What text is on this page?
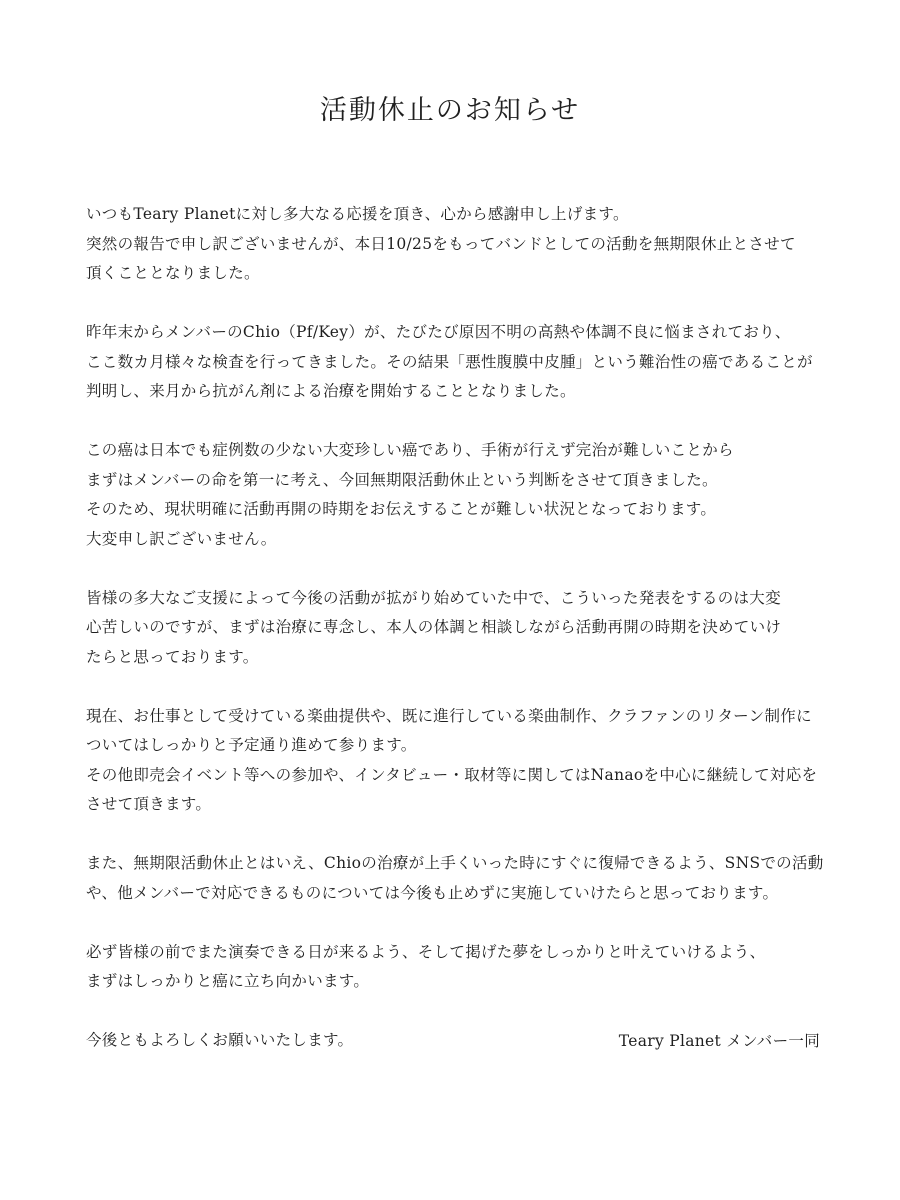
活動休止のお知らせ
いつもTeary Planetに対し多大なる応援を頂き、心から感謝申し上げます。
突然の報告で申し訳ございませんが、本日10/25をもってバンドとしての活動を無期限休止とさせて
頂くこととなりました。
昨年末からメンバーのChio（Pf/Key）が、たびたび原因不明の高熱や体調不良に悩まされており、
ここ数カ月様々な検査を行ってきました。その結果「悪性腹膜中皮腫」という難治性の癌であることが
判明し、来月から抗がん剤による治療を開始することとなりました。
この癌は日本でも症例数の少ない大変珍しい癌であり、手術が行えず完治が難しいことから
まずはメンバーの命を第一に考え、今回無期限活動休止という判断をさせて頂きました。
そのため、現状明確に活動再開の時期をお伝えすることが難しい状況となっております。
大変申し訳ございません。
皆様の多大なご支援によって今後の活動が拡がり始めていた中で、こういった発表をするのは大変
心苦しいのですが、まずは治療に専念し、本人の体調と相談しながら活動再開の時期を決めていけ
たらと思っております。
現在、お仕事として受けている楽曲提供や、既に進行している楽曲制作、クラファンのリターン制作に
ついてはしっかりと予定通り進めて参ります。
その他即売会イベント等への参加や、インタビュー・取材等に関してはNanaoを中心に継続して対応を
させて頂きます。
また、無期限活動休止とはいえ、Chioの治療が上手くいった時にすぐに復帰できるよう、SNSでの活動
や、他メンバーで対応できるものについては今後も止めずに実施していけたらと思っております。
必ず皆様の前でまた演奏できる日が来るよう、そして掲げた夢をしっかりと叶えていけるよう、
まずはしっかりと癌に立ち向かいます。
今後ともよろしくお願いいたします。	Teary Planet メンバー一同
